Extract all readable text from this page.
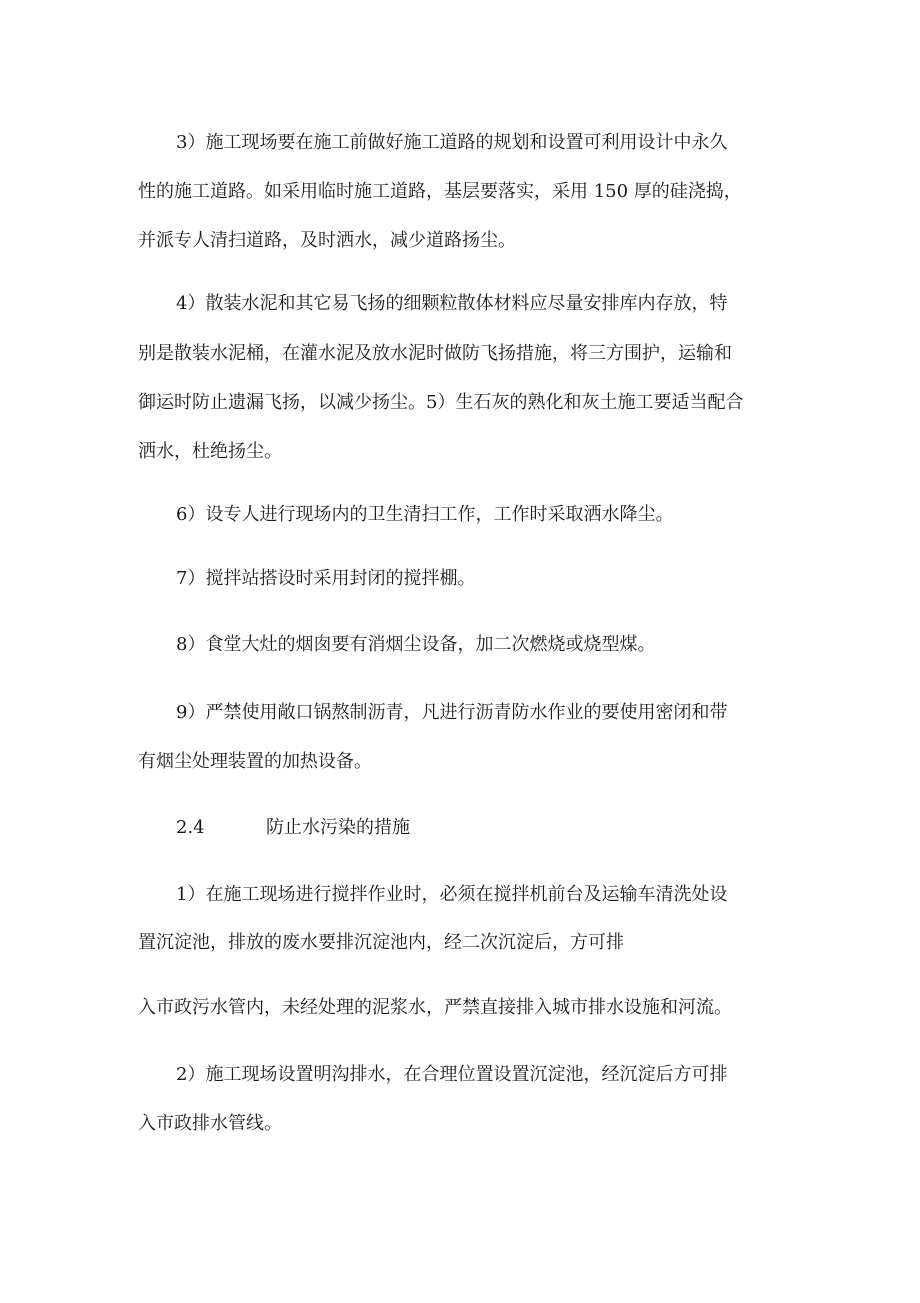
3）施工现场要在施工前做好施工道路的规划和设置可利用设计中永久

性的施工道路。如采用临时施工道路，基层要落实，采用 150 厚的硅浇捣，

并派专人清扫道路，及时洒水，减少道路扬尘。

4）散装水泥和其它易飞扬的细颗粒散体材料应尽量安排库内存放，特

别是散装水泥桶，在灌水泥及放水泥时做防飞扬措施，将三方围护，运输和

御运时防止遗漏飞扬，以减少扬尘。5）生石灰的熟化和灰土施工要适当配合

洒水，杜绝扬尘。

6）设专人进行现场内的卫生清扫工作，工作时采取洒水降尘。

7）搅拌站搭设时采用封闭的搅拌棚。

8）食堂大灶的烟囱要有消烟尘设备，加二次燃烧或烧型煤。

9）严禁使用敞口锅熬制沥青，凡进行沥青防水作业的要使用密闭和带

有烟尘处理装置的加热设备。

2.4	防止水污染的措施

1）在施工现场进行搅拌作业时，必须在搅拌机前台及运输车清洗处设

置沉淀池，排放的废水要排沉淀池内，经二次沉淀后，方可排

入市政污水管内，未经处理的泥浆水，严禁直接排入城市排水设施和河流。

2）施工现场设置明沟排水，在合理位置设置沉淀池，经沉淀后方可排

入市政排水管线。
